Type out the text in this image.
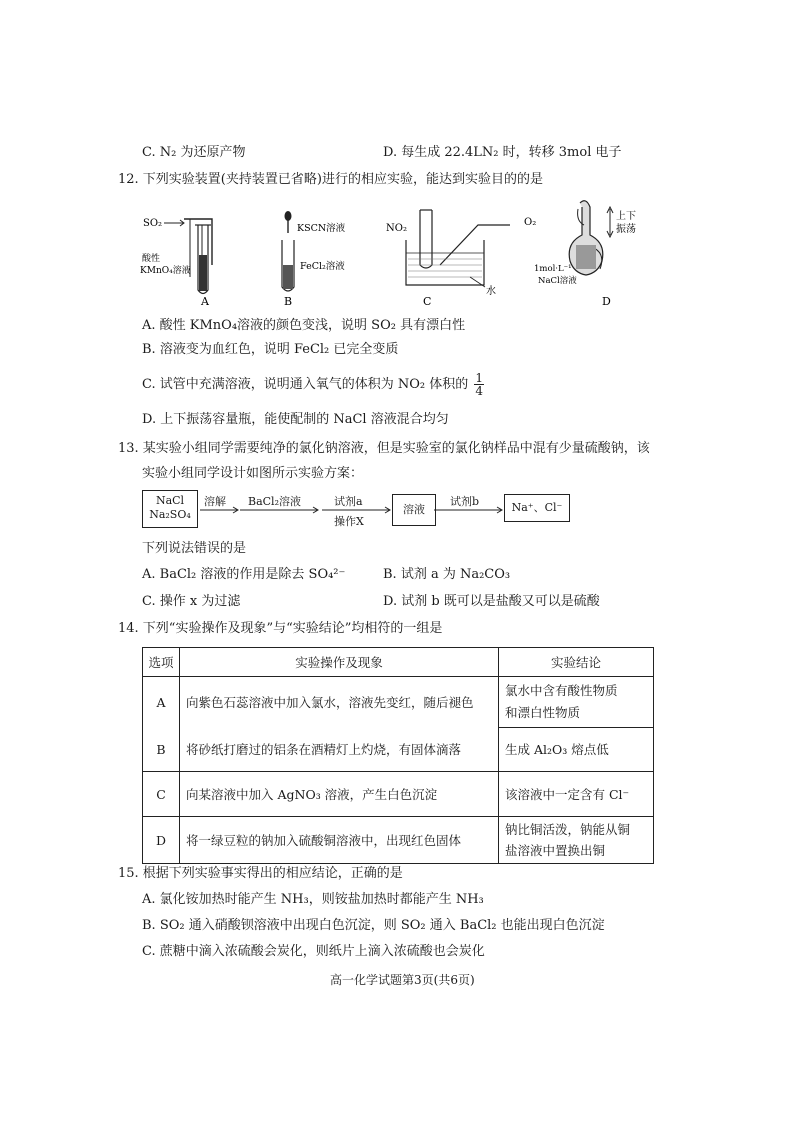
C. N₂ 为还原产物	D. 每生成 22.4LN₂ 时，转移 3mol 电子
12. 下列实验装置(夹持装置已省略)进行的相应实验，能达到实验目的的是
SO₂
酸性
KMnO₄溶液
A
KSCN溶液
FeCl₂溶液
B
NO₂
O₂
水
C
上下
振荡
1mol·L⁻¹
NaCl溶液
D
A. 酸性 KMnO₄溶液的颜色变浅，说明 SO₂ 具有漂白性
B. 溶液变为血红色，说明 FeCl₂ 已完全变质
C. 试管中充满溶液，说明通入氧气的体积为 NO₂ 体积的 $\frac{1}{4}$
D. 上下振荡容量瓶，能使配制的 NaCl 溶液混合均匀
13. 某实验小组同学需要纯净的氯化钠溶液，但是实验室的氯化钠样品中混有少量硫酸钠，该
实验小组同学设计如图所示实验方案：
NaCl
Na₂SO₄
溶解 BaCl₂溶液	试剂a
操作X
溶液
试剂b	Na⁺、Cl⁻
下列说法错误的是
A. BaCl₂ 溶液的作用是除去 SO₄²⁻	B. 试剂 a 为 Na₂CO₃
C. 操作 x 为过滤	D. 试剂 b 既可以是盐酸又可以是硫酸
14. 下列“实验操作及现象”与“实验结论”均相符的一组是
选项	实验操作及现象	实验结论
A	向紫色石蕊溶液中加入氯水，溶液先变红，随后褪色	氯水中含有酸性物质
和漂白性物质

B	将砂纸打磨过的铝条在酒精灯上灼烧，有固体滴落	生成 Al₂O₃ 熔点低
C	向某溶液中加入 AgNO₃ 溶液，产生白色沉淀	该溶液中一定含有 Cl⁻
D	将一绿豆粒的钠加入硫酸铜溶液中，出现红色固体	钠比铜活泼，钠能从铜
盐溶液中置换出铜
15. 根据下列实验事实得出的相应结论，正确的是
A. 氯化铵加热时能产生 NH₃，则铵盐加热时都能产生 NH₃
B. SO₂ 通入硝酸钡溶液中出现白色沉淀，则 SO₂ 通入 BaCl₂ 也能出现白色沉淀
C. 蔗糖中滴入浓硫酸会炭化，则纸片上滴入浓硫酸也会炭化
高一化学试题第3页(共6页)
